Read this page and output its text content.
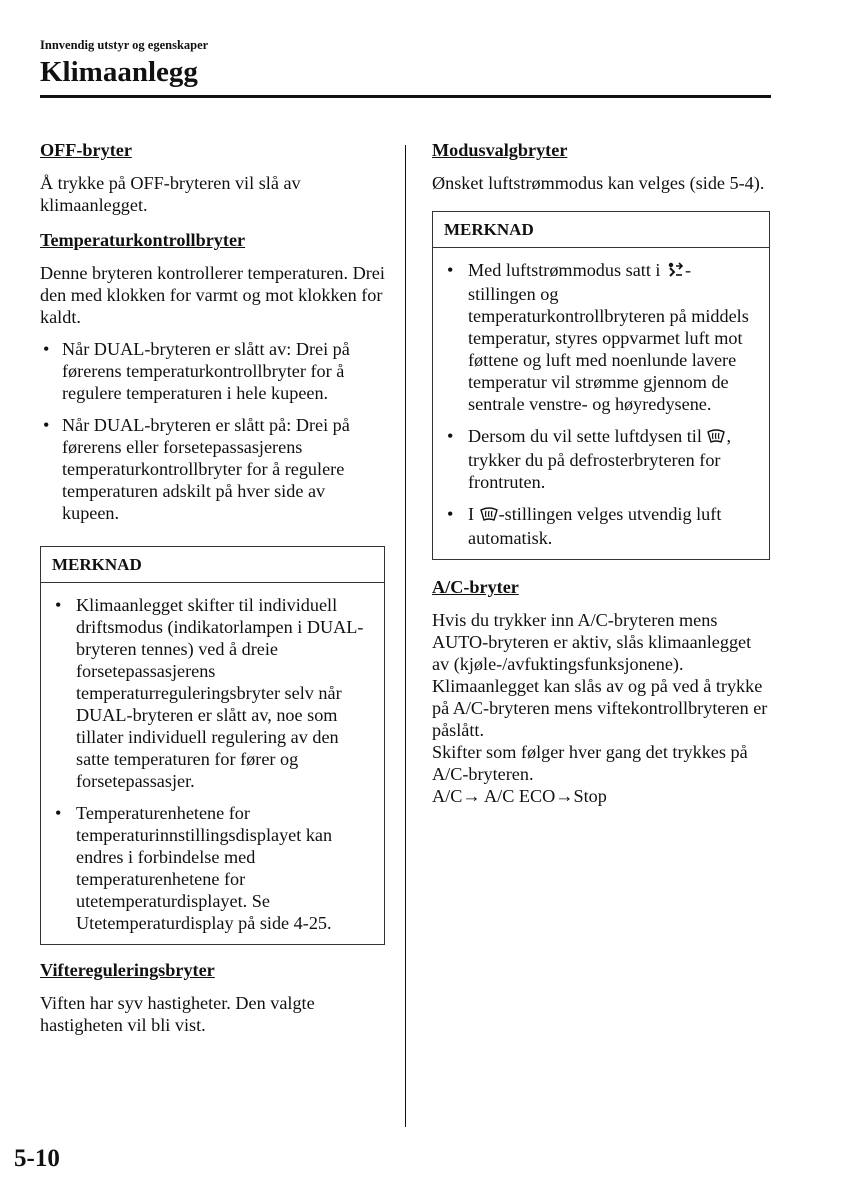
Innvendig utstyr og egenskaper
Klimaanlegg
OFF-bryter

Å trykke på OFF-bryteren vil slå av klimaanlegget.

Temperaturkontrollbryter

Denne bryteren kontrollerer temperaturen. Drei den med klokken for varmt og mot klokken for kaldt.

• Når DUAL-bryteren er slått av: Drei på førerens temperaturkontrollbryter for å regulere temperaturen i hele kupeen.
• Når DUAL-bryteren er slått på: Drei på førerens eller forsetepassasjerens temperaturkontrollbryter for å regulere temperaturen adskilt på hver side av kupeen.
MERKNAD
• Klimaanlegget skifter til individuell driftsmodus (indikatorlampen i DUAL-bryteren tennes) ved å dreie forsetepassasjerens temperaturreguleringsbryter selv når DUAL-bryteren er slått av, noe som tillater individuell regulering av den satte temperaturen for fører og forsetepassasjer.
• Temperaturenhetene for temperaturinnstillingsdisplayet kan endres i forbindelse med temperaturenhetene for utetemperaturdisplayet. Se Utetemperaturdisplay på side 4-25.
Viftereguleringsbryter

Viften har syv hastigheter. Den valgte hastigheten vil bli vist.

Modusvalgbryter

Ønsket luftstrømmodus kan velges (side 5-4).

MERKNAD
• Med luftstrømmodus satt i -stillingen og temperaturkontrollbryteren på middels temperatur, styres oppvarmet luft mot føttene og luft med noenlunde lavere temperatur vil strømme gjennom de sentrale venstre- og høyredysene.
• Dersom du vil sette luftdysen til , trykker du på defrosterbryteren for frontruten.
• I -stillingen velges utvendig luft automatisk.
A/C-bryter

Hvis du trykker inn A/C-bryteren mens AUTO-bryteren er aktiv, slås klimaanlegget av (kjøle-/avfuktingsfunksjonene).

Klimaanlegget kan slås av og på ved å trykke på A/C-bryteren mens viftekontrollbryteren er påslått.

Skifter som følger hver gang det trykkes på A/C-bryteren.

A/C→ A/C ECO→Stop

5-10
